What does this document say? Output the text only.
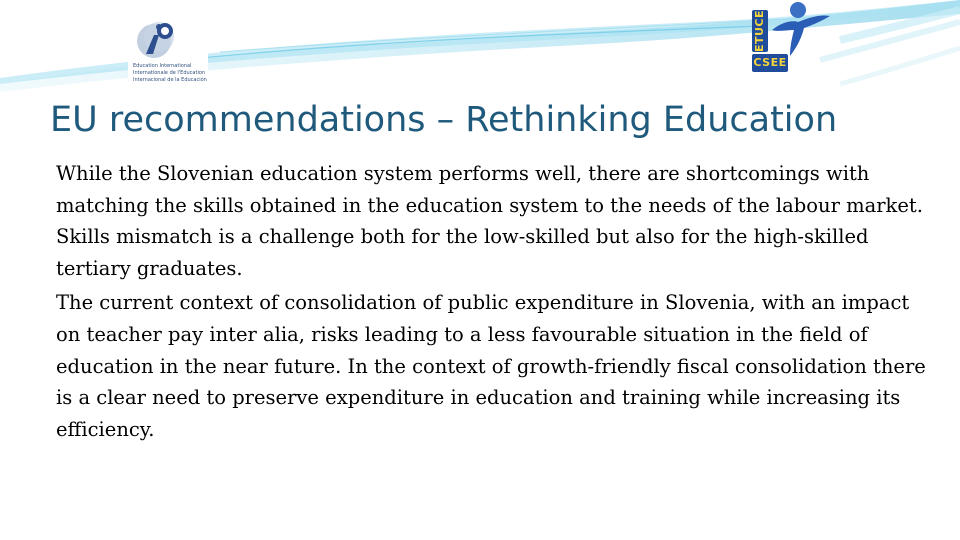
Education International
Internationale de l'Education
Internacional de la Educación
ETUCE
CSEE
EU recommendations – Rethinking Education

While the Slovenian education system performs well, there are shortcomings with matching the skills obtained in the education system to the needs of the labour market. Skills mismatch is a challenge both for the low-skilled but also for the high-skilled tertiary graduates.

The current context of consolidation of public expenditure in Slovenia, with an impact on teacher pay inter alia, risks leading to a less favourable situation in the field of education in the near future. In the context of growth-friendly fiscal consolidation there is a clear need to preserve expenditure in education and training while increasing its efficiency.
